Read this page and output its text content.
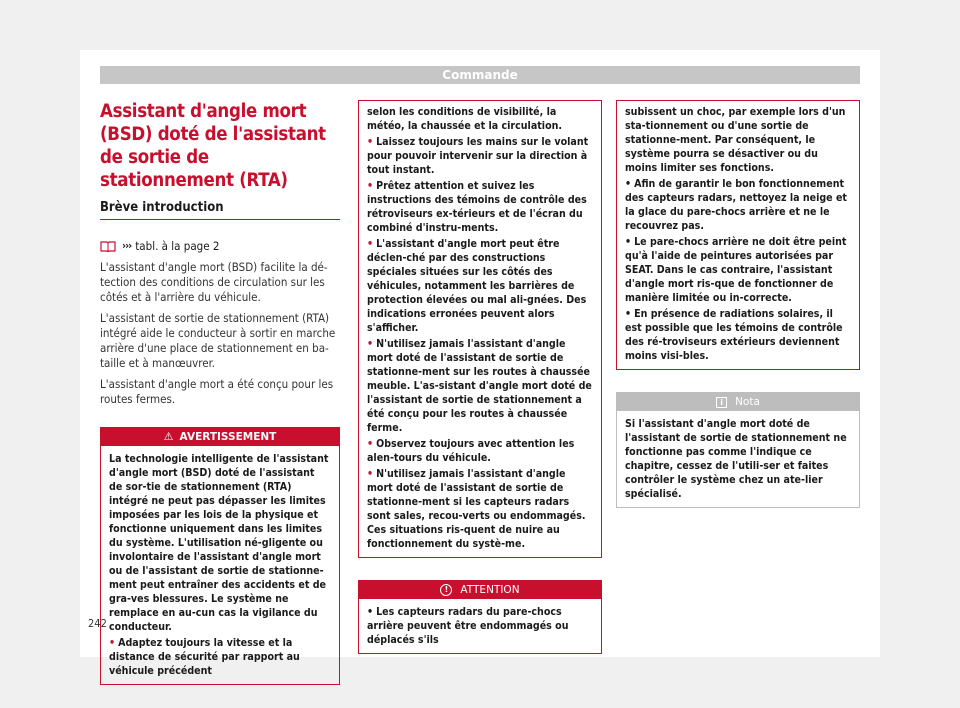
Commande
Assistant d'angle mort (BSD) doté de l'assistant de sortie de stationnement (RTA)
Brève introduction
››› tabl. à la page 2

L'assistant d'angle mort (BSD) facilite la dé-tection des conditions de circulation sur les côtés et à l'arrière du véhicule.

L'assistant de sortie de stationnement (RTA) intégré aide le conducteur à sortir en marche arrière d'une place de stationnement en ba-taille et à manœuvrer.

L'assistant d'angle mort a été conçu pour les routes fermes.

⚠ AVERTISSEMENT

La technologie intelligente de l'assistant d'angle mort (BSD) doté de l'assistant de sor-tie de stationnement (RTA) intégré ne peut pas dépasser les limites imposées par les lois de la physique et fonctionne uniquement dans les limites du système. L'utilisation né-gligente ou involontaire de l'assistant d'angle mort ou de l'assistant de sortie de stationne-ment peut entraîner des accidents et de gra-ves blessures. Le système ne remplace en au-cun cas la vigilance du conducteur.

• Adaptez toujours la vitesse et la distance de sécurité par rapport au véhicule précédent

selon les conditions de visibilité, la météo, la chaussée et la circulation.

• Laissez toujours les mains sur le volant pour pouvoir intervenir sur la direction à tout instant.
• Prêtez attention et suivez les instructions des témoins de contrôle des rétroviseurs ex-térieurs et de l'écran du combiné d'instru-ments.
• L'assistant d'angle mort peut être déclen-ché par des constructions spéciales situées sur les côtés des véhicules, notamment les barrières de protection élevées ou mal ali-gnées. Des indications erronées peuvent alors s'afficher.
• N'utilisez jamais l'assistant d'angle mort doté de l'assistant de sortie de stationne-ment sur les routes à chaussée meuble. L'as-sistant d'angle mort doté de l'assistant de sortie de stationnement a été conçu pour les routes à chaussée ferme.
• Observez toujours avec attention les alen-tours du véhicule.
• N'utilisez jamais l'assistant d'angle mort doté de l'assistant de sortie de stationne-ment si les capteurs radars sont sales, recou-verts ou endommagés. Ces situations ris-quent de nuire au fonctionnement du systè-me.
!	ATTENTION
• Les capteurs radars du pare-chocs arrière peuvent être endommagés ou déplacés s'ils

subissent un choc, par exemple lors d'un sta-tionnement ou d'une sortie de stationne-ment. Par conséquent, le système pourra se désactiver ou du moins limiter ses fonctions.

• Afin de garantir le bon fonctionnement des capteurs radars, nettoyez la neige et la glace du pare-chocs arrière et ne le recouvrez pas.
• Le pare-chocs arrière ne doit être peint qu'à l'aide de peintures autorisées par SEAT. Dans le cas contraire, l'assistant d'angle mort ris-que de fonctionner de manière limitée ou in-correcte.
• En présence de radiations solaires, il est possible que les témoins de contrôle des ré-troviseurs extérieurs deviennent moins visi-bles.
i	Nota

Si l'assistant d'angle mort doté de l'assistant de sortie de stationnement ne fonctionne pas comme l'indique ce chapitre, cessez de l'utili-ser et faites contrôler le système chez un ate-lier spécialisé.

242
